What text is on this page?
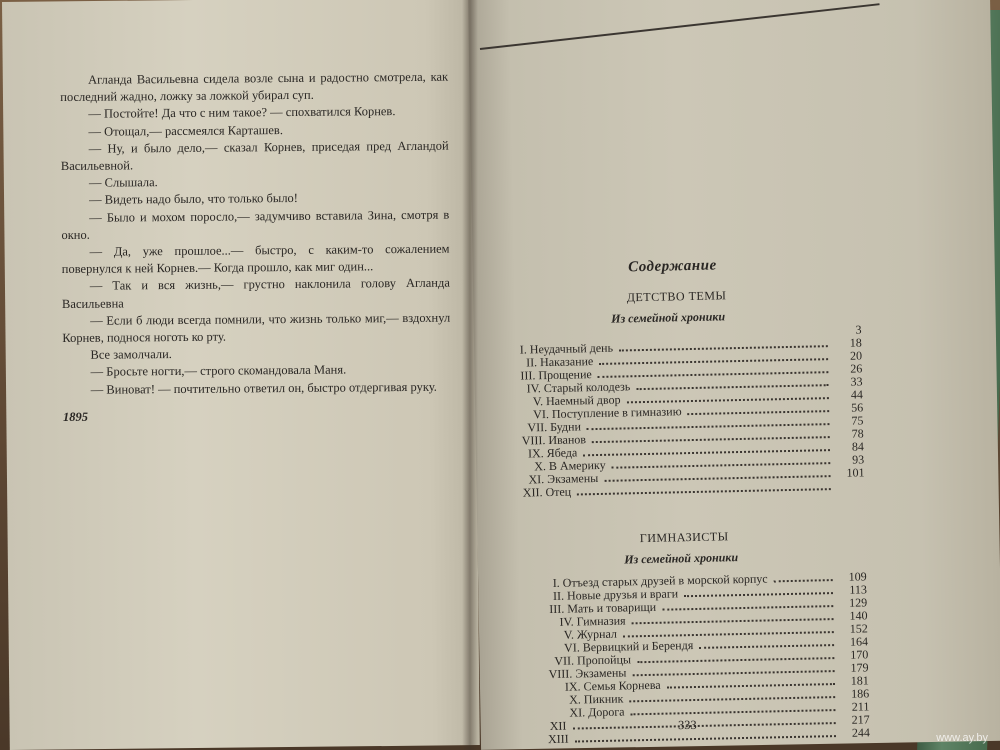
Агланда Васильевна сидела возле сына и радостно смотрела, как последний жадно, ложку за ложкой убирал суп.
— Постойте! Да что с ним такое? — спохватился Корнев.
— Отощал,— рассмеялся Карташев.
— Ну, и было дело,— сказал Корнев, приседая пред Агландой Васильевной.
— Слышала.
— Видеть надо было, что только было!
— Было и мохом поросло,— задумчиво вставила Зина, смотря в окно.
— Да, уже прошлое...— быстро, с каким-то сожалением повернулся к ней Корнев.— Когда прошло, как миг один...
— Так и вся жизнь,— грустно наклонила голову Агланда Васильевна
— Если б люди всегда помнили, что жизнь только миг,— вздохнул Корнев, поднося ноготь ко рту.
Все замолчали.
— Бросьте ногти,— строго скомандовала Маня.
— Виноват! — почтительно ответил он, быстро отдергивая руку.
1895
Содержание
ДЕТСТВО ТЕМЫ
Из семейной хроники
3
I. Неудачный день	18
II. Наказание	20
III. Прощение	26
IV. Старый колодезь	33
V. Наемный двор	44
VI. Поступление в гимназию	56
VII. Будни	75
VIII. Иванов	78
IX. Ябеда	84
X. В Америку	93
XI. Экзамены	101
XII. Отец
ГИМНАЗИСТЫ
Из семейной хроники
I. Отъезд старых друзей в морской корпус	109
II. Новые друзья и враги	113
III. Мать и товарищи	129
IV. Гимназия	140
V. Журнал	152
VI. Вервицкий и Берендя	164
VII. Пропойцы	170
VIII. Экзамены	179
IX. Семья Корнева	181
X. Пикник	186
XI. Дорога	211
XII	217
XIII	244
333
www.ay.by
